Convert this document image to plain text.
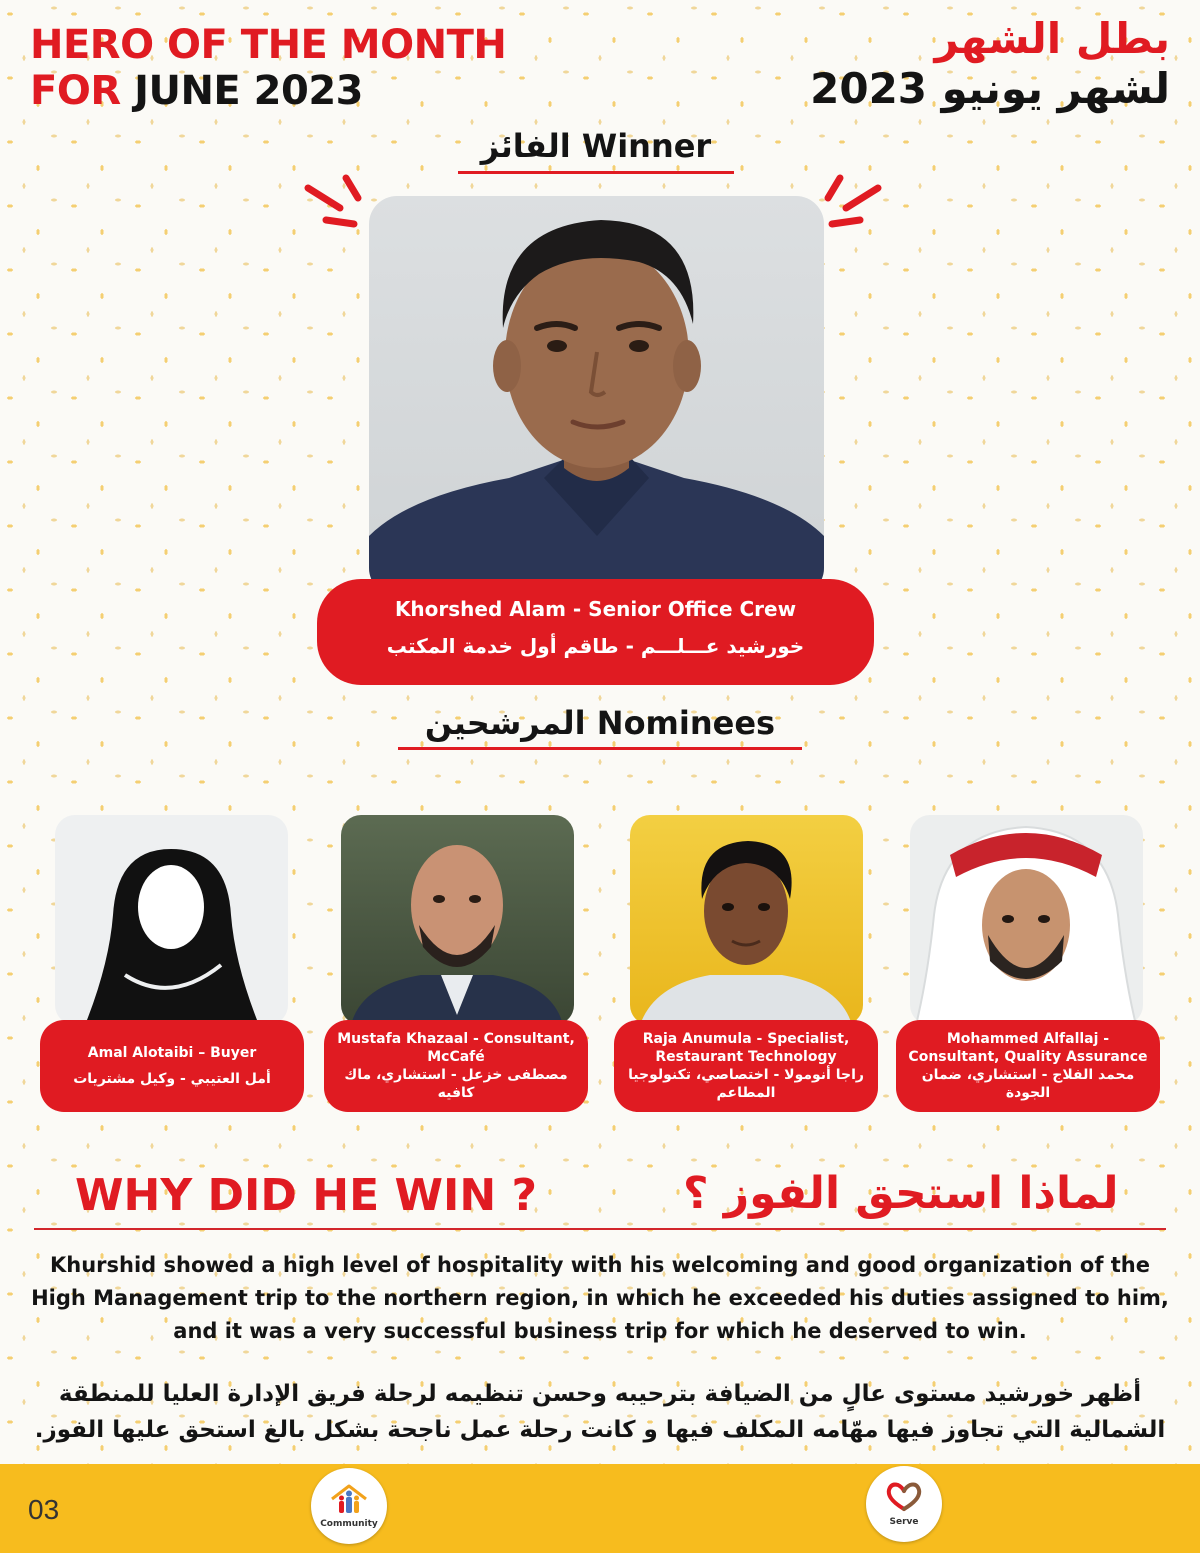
HERO OF THE MONTH
FOR JUNE 2023
بطل الشهر
لشهر يونيو 2023
الفائز Winner
Khorshed Alam - Senior Office Crew
خورشيد عـــلـــم - طاقم أول خدمة المكتب
المرشحين Nominees
Amal Alotaibi – Buyer
أمل العتيبي - وكيل مشتريات
Mustafa Khazaal - Consultant, McCafé
مصطفى خزعل - استشاري، ماك كافيه
Raja Anumula - Specialist, Restaurant Technology
راجا أنومولا - اختصاصي، تكنولوجيا المطاعم
Mohammed Alfallaj - Consultant, Quality Assurance
محمد الفلاج - استشاري، ضمان الجودة
WHY DID HE WIN ?	لماذا استحق الفوز ؟
Khurshid showed a high level of hospitality with his welcoming and good organization of the High Management trip to the northern region, in which he exceeded his duties assigned to him, and it was a very successful business trip for which he deserved to win.
أظهر خورشيد مستوى عالٍ من الضيافة بترحيبه وحسن تنظيمه لرحلة فريق الإدارة العليا للمنطقة الشمالية التي تجاوز فيها مهّامه المكلف فيها و كانت رحلة عمل ناجحة بشكل بالغ استحق عليها الفوز.
03	Community	Serve
